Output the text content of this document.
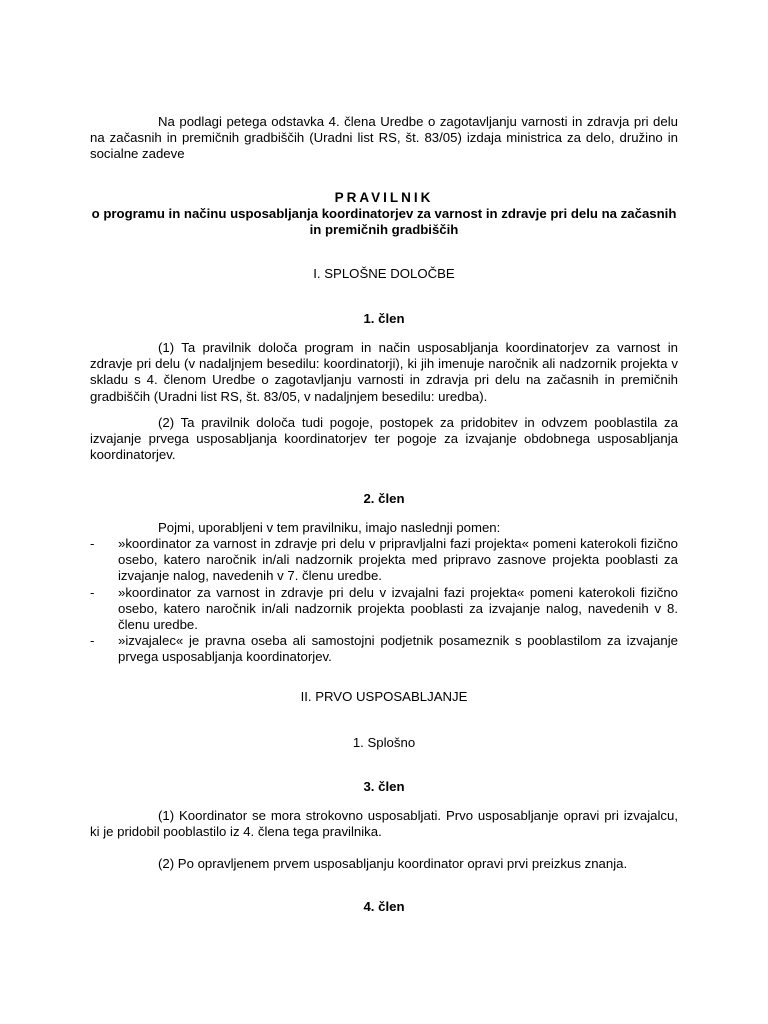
Na podlagi petega odstavka 4. člena Uredbe o zagotavljanju varnosti in zdravja pri delu na začasnih in premičnih gradbiščih (Uradni list RS, št. 83/05) izdaja ministrica za delo, družino in socialne zadeve
PRAVILNIK
o programu in načinu usposabljanja koordinatorjev za varnost in zdravje pri delu na začasnih in premičnih gradbiščih
I. SPLOŠNE DOLOČBE
1. člen
(1) Ta pravilnik določa program in način usposabljanja koordinatorjev za varnost in zdravje pri delu (v nadaljnjem besedilu: koordinatorji), ki jih imenuje naročnik ali nadzornik projekta v skladu s 4. členom Uredbe o zagotavljanju varnosti in zdravja pri delu na začasnih in premičnih gradbiščih (Uradni list RS, št. 83/05, v nadaljnjem besedilu: uredba).
(2) Ta pravilnik določa tudi pogoje, postopek za pridobitev in odvzem pooblastila za izvajanje prvega usposabljanja koordinatorjev ter pogoje za izvajanje obdobnega usposabljanja koordinatorjev.
2. člen
Pojmi, uporabljeni v tem pravilniku, imajo naslednji pomen:
- »koordinator za varnost in zdravje pri delu v pripravljalni fazi projekta« pomeni katerokoli fizično osebo, katero naročnik in/ali nadzornik projekta med pripravo zasnove projekta pooblasti za izvajanje nalog, navedenih v 7. členu uredbe.
- »koordinator za varnost in zdravje pri delu v izvajalni fazi projekta« pomeni katerokoli fizično osebo, katero naročnik in/ali nadzornik projekta pooblasti za izvajanje nalog, navedenih v 8. členu uredbe.
- »izvajalec« je pravna oseba ali samostojni podjetnik posameznik s pooblastilom za izvajanje prvega usposabljanja koordinatorjev.
II. PRVO USPOSABLJANJE
1. Splošno
3. člen
(1) Koordinator se mora strokovno usposabljati. Prvo usposabljanje opravi pri izvajalcu, ki je pridobil pooblastilo iz 4. člena tega pravilnika.
(2) Po opravljenem prvem usposabljanju koordinator opravi prvi preizkus znanja.
4. člen
